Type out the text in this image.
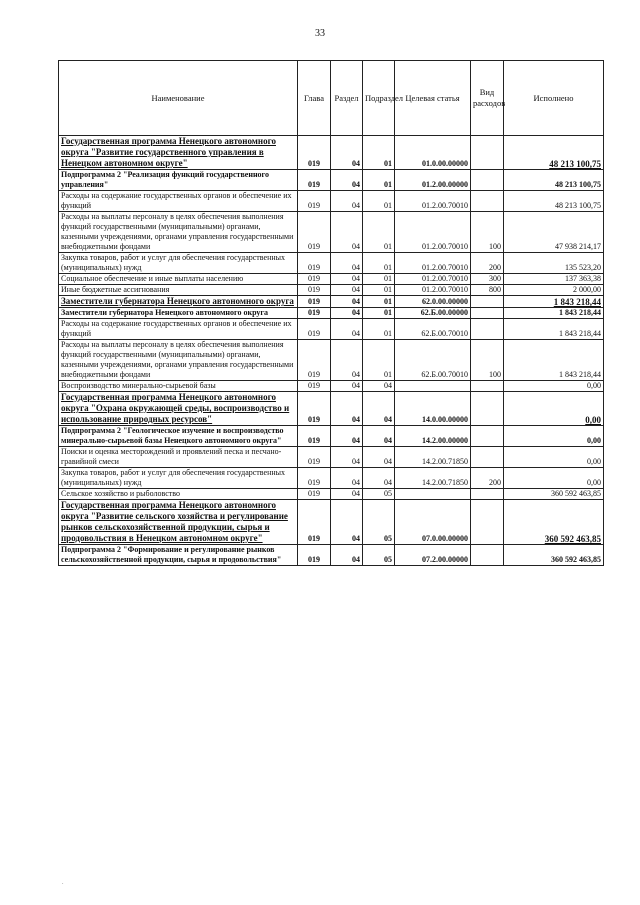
33
Наименование	Глава	Раздел	Подраздел	Целевая статья	Вид расходов	Исполнено
Государственная программа Ненецкого автономного округа "Развитие государственного управления в Ненецком автономном округе"	019	04	01	01.0.00.00000		48 213 100,75
Подпрограмма 2 "Реализация функций государственного управления"	019	04	01	01.2.00.00000		48 213 100,75
Расходы на содержание государственных органов и обеспечение их функций	019	04	01	01.2.00.70010		48 213 100,75
Расходы на выплаты персоналу в целях обеспечения выполнения функций государственными (муниципальными) органами, казенными учреждениями, органами управления государственными внебюджетными фондами	019	04	01	01.2.00.70010	100	47 938 214,17
Закупка товаров, работ и услуг для обеспечения государственных (муниципальных) нужд	019	04	01	01.2.00.70010	200	135 523,20
Социальное обеспечение и иные выплаты населению	019	04	01	01.2.00.70010	300	137 363,38
Иные бюджетные ассигнования	019	04	01	01.2.00.70010	800	2 000,00
Заместители губернатора Ненецкого автономного округа	019	04	01	62.0.00.00000		1 843 218,44
Заместители губернатора Ненецкого автономного округа	019	04	01	62.Б.00.00000		1 843 218,44
Расходы на содержание государственных органов и обеспечение их функций	019	04	01	62.Б.00.70010		1 843 218,44
Расходы на выплаты персоналу в целях обеспечения выполнения функций государственными (муниципальными) органами, казенными учреждениями, органами управления государственными внебюджетными фондами	019	04	01	62.Б.00.70010	100	1 843 218,44
Воспроизводство минерально-сырьевой базы	019	04	04			0,00
Государственная программа Ненецкого автономного округа "Охрана окружающей среды, воспроизводство и использование природных ресурсов"	019	04	04	14.0.00.00000		0,00
Подпрограмма 2 "Геологическое изучение и воспроизводство минерально-сырьевой базы Ненецкого автономного округа"	019	04	04	14.2.00.00000		0,00
Поиски и оценка месторождений и проявлений песка и песчано-гравийной смеси	019	04	04	14.2.00.71850		0,00
Закупка товаров, работ и услуг для обеспечения государственных (муниципальных) нужд	019	04	04	14.2.00.71850	200	0,00
Сельское хозяйство и рыболовство	019	04	05			360 592 463,85
Государственная программа Ненецкого автономного округа "Развитие сельского хозяйства и регулирование рынков сельскохозяйственной продукции, сырья и продовольствия в Ненецком автономном округе"	019	04	05	07.0.00.00000		360 592 463,85
Подпрограмма 2 "Формирование и регулирование рынков сельскохозяйственной продукции, сырья и продовольствия"	019	04	05	07.2.00.00000		360 592 463,85
.
